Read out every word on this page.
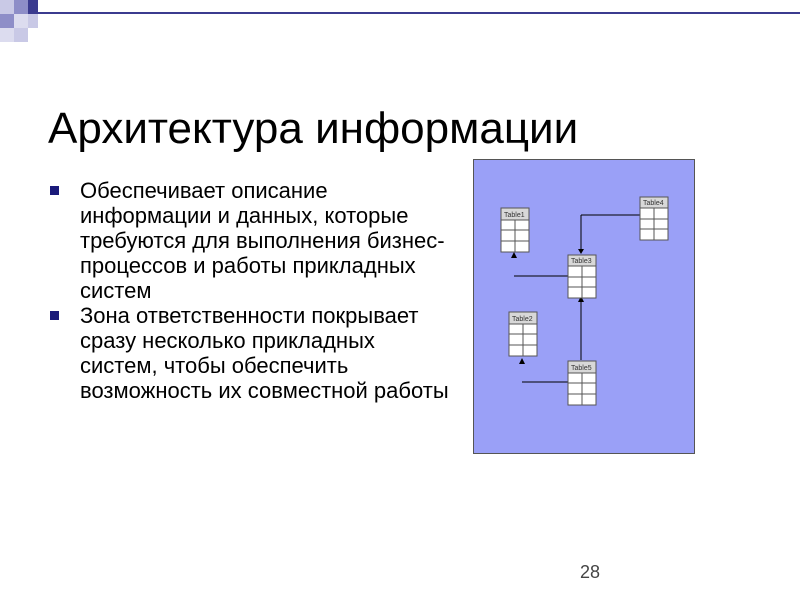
Архитектура информации
Обеспечивает описание информации и данных, которые требуются для выполнения бизнес-процессов и работы прикладных систем
Зона ответственности покрывает сразу несколько прикладных систем, чтобы обеспечить возможность их совместной работы
Table1
Table4
Table3
Table2
Table5
28
